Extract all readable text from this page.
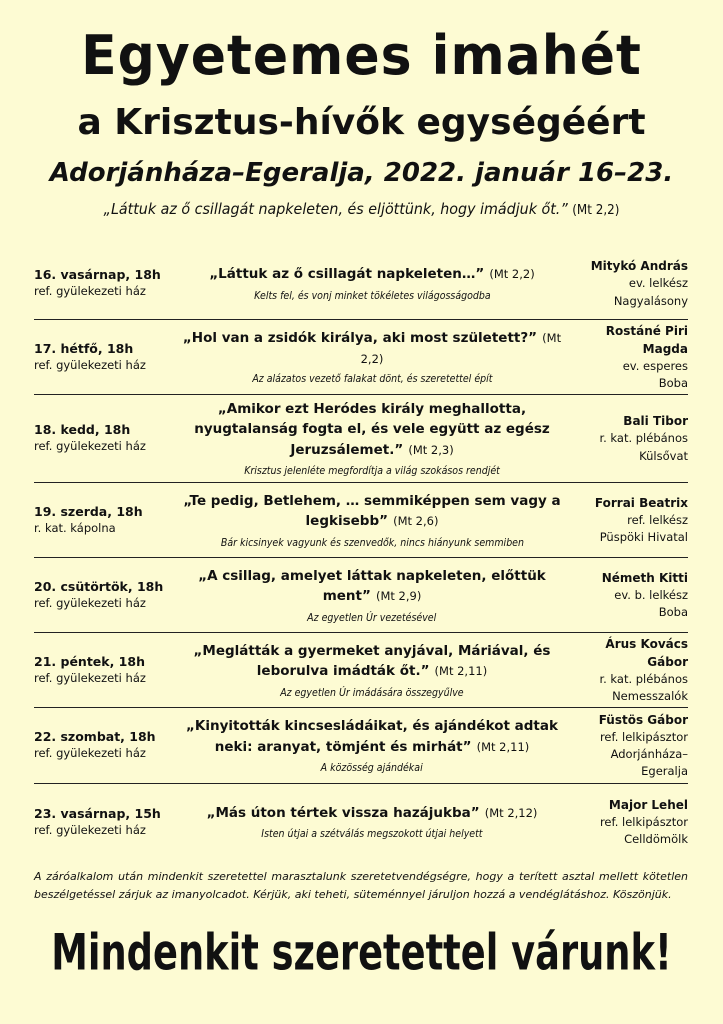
Egyetemes imahét
a Krisztus-hívők egységéért
Adorjánháza–Egeralja, 2022. január 16–23.
„Láttuk az ő csillagát napkeleten, és eljöttünk, hogy imádjuk őt.” (Mt 2,2)
16. vasárnap, 18h
ref. gyülekezeti ház
„Láttuk az ő csillagát napkeleten…” (Mt 2,2)
Kelts fel, és vonj minket tökéletes világosságodba
Mitykó András
ev. lelkész
Nagyalásony
17. hétfő, 18h
ref. gyülekezeti ház
„Hol van a zsidók királya, aki most született?” (Mt 2,2)
Az alázatos vezető falakat dönt, és szeretettel épít
Rostáné Piri Magda
ev. esperes
Boba
18. kedd, 18h
ref. gyülekezeti ház
„Amikor ezt Heródes király meghallotta, nyugtalanság fogta el, és vele együtt az egész Jeruzsálemet.” (Mt 2,3)
Krisztus jelenléte megfordítja a világ szokásos rendjét
Bali Tibor
r. kat. plébános
Külsővat
19. szerda, 18h
r. kat. kápolna
„Te pedig, Betlehem, … semmiképpen sem vagy a legkisebb” (Mt 2,6)
Bár kicsinyek vagyunk és szenvedők, nincs hiányunk semmiben
Forrai Beatrix
ref. lelkész
Püspöki Hivatal
20. csütörtök, 18h
ref. gyülekezeti ház
„A csillag, amelyet láttak napkeleten, előttük ment” (Mt 2,9)
Az egyetlen Úr vezetésével
Németh Kitti
ev. b. lelkész
Boba
21. péntek, 18h
ref. gyülekezeti ház
„Meglátták a gyermeket anyjával, Máriával, és leborulva imádták őt.” (Mt 2,11)
Az egyetlen Úr imádására összegyűlve
Árus Kovács Gábor
r. kat. plébános
Nemesszalók
22. szombat, 18h
ref. gyülekezeti ház
„Kinyitották kincsesládáikat, és ajándékot adtak neki: aranyat, tömjént és mirhát” (Mt 2,11)
A közösség ajándékai
Füstös Gábor
ref. lelkipásztor
Adorjánháza–Egeralja
23. vasárnap, 15h
ref. gyülekezeti ház
„Más úton tértek vissza hazájukba” (Mt 2,12)
Isten útjai a szétválás megszokott útjai helyett
Major Lehel
ref. lelkipásztor
Celldömölk
A záróalkalom után mindenkit szeretettel marasztalunk szeretetvendégségre, hogy a terített asztal mellett kötetlen beszélgetéssel zárjuk az imanyolcadot. Kérjük, aki teheti, süteménnyel járuljon hozzá a vendéglátáshoz. Köszönjük.
Mindenkit szeretettel várunk!
